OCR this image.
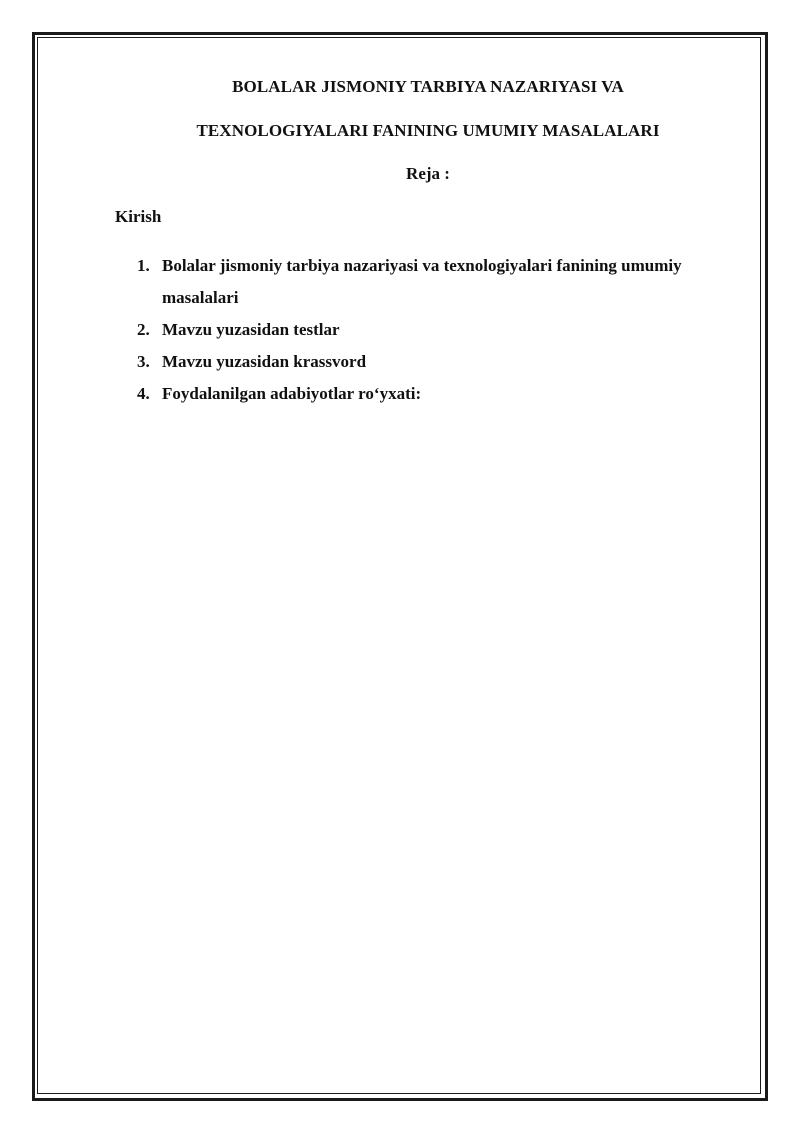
BOLALAR JISMONIY TARBIYA NAZARIYASI VA
TEXNOLOGIYALARI FANINING UMUMIY MASALALARI
Reja :
Kirish
1. Bolalar jismoniy tarbiya nazariyasi va texnologiyalari fanining umumiy masalalari
2. Mavzu yuzasidan testlar
3. Mavzu yuzasidan krassvord
4. Foydalanilgan adabiyotlar ro‘yxati:
